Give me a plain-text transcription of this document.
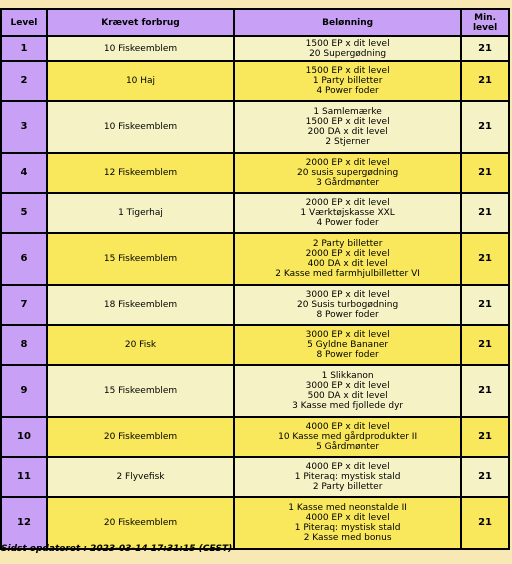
Level	Krævet forbrug	Belønning	Min.
level

1	10 Fiskeemblem	1500 EP x dit level
20 Supergødning	21
2	10 Haj	1500 EP x dit level
1 Party billetter
4 Power foder	21
3	10 Fiskeemblem	1 Samlemærke
1500 EP x dit level
200 DA x dit level
2 Stjerner	21
4	12 Fiskeemblem	2000 EP x dit level
20 susis supergødning
3 Gårdmønter	21
5	1 Tigerhaj	2000 EP x dit level
1 Værktøjskasse XXL
4 Power foder	21
6	15 Fiskeemblem	2 Party billetter
2000 EP x dit level
400 DA x dit level
2 Kasse med farmhjulbilletter VI	21
7	18 Fiskeemblem	3000 EP x dit level
20 Susis turbogødning
8 Power foder	21
8	20 Fisk	3000 EP x dit level
5 Gyldne Bananer
8 Power foder	21
9	15 Fiskeemblem	1 Slikkanon
3000 EP x dit level
500 DA x dit level
3 Kasse med fjollede dyr	21
10	20 Fiskeemblem	4000 EP x dit level
10 Kasse med gårdprodukter II
5 Gårdmønter	21
11	2 Flyvefisk	4000 EP x dit level
1 Piteraq: mystisk stald
2 Party billetter	21
12	20 Fiskeemblem	1 Kasse med neonstalde II
4000 EP x dit level
1 Piteraq: mystisk stald
2 Kasse med bonus	21
Sidst opdateret : 2023-03-14 17:31:15 (CEST)
